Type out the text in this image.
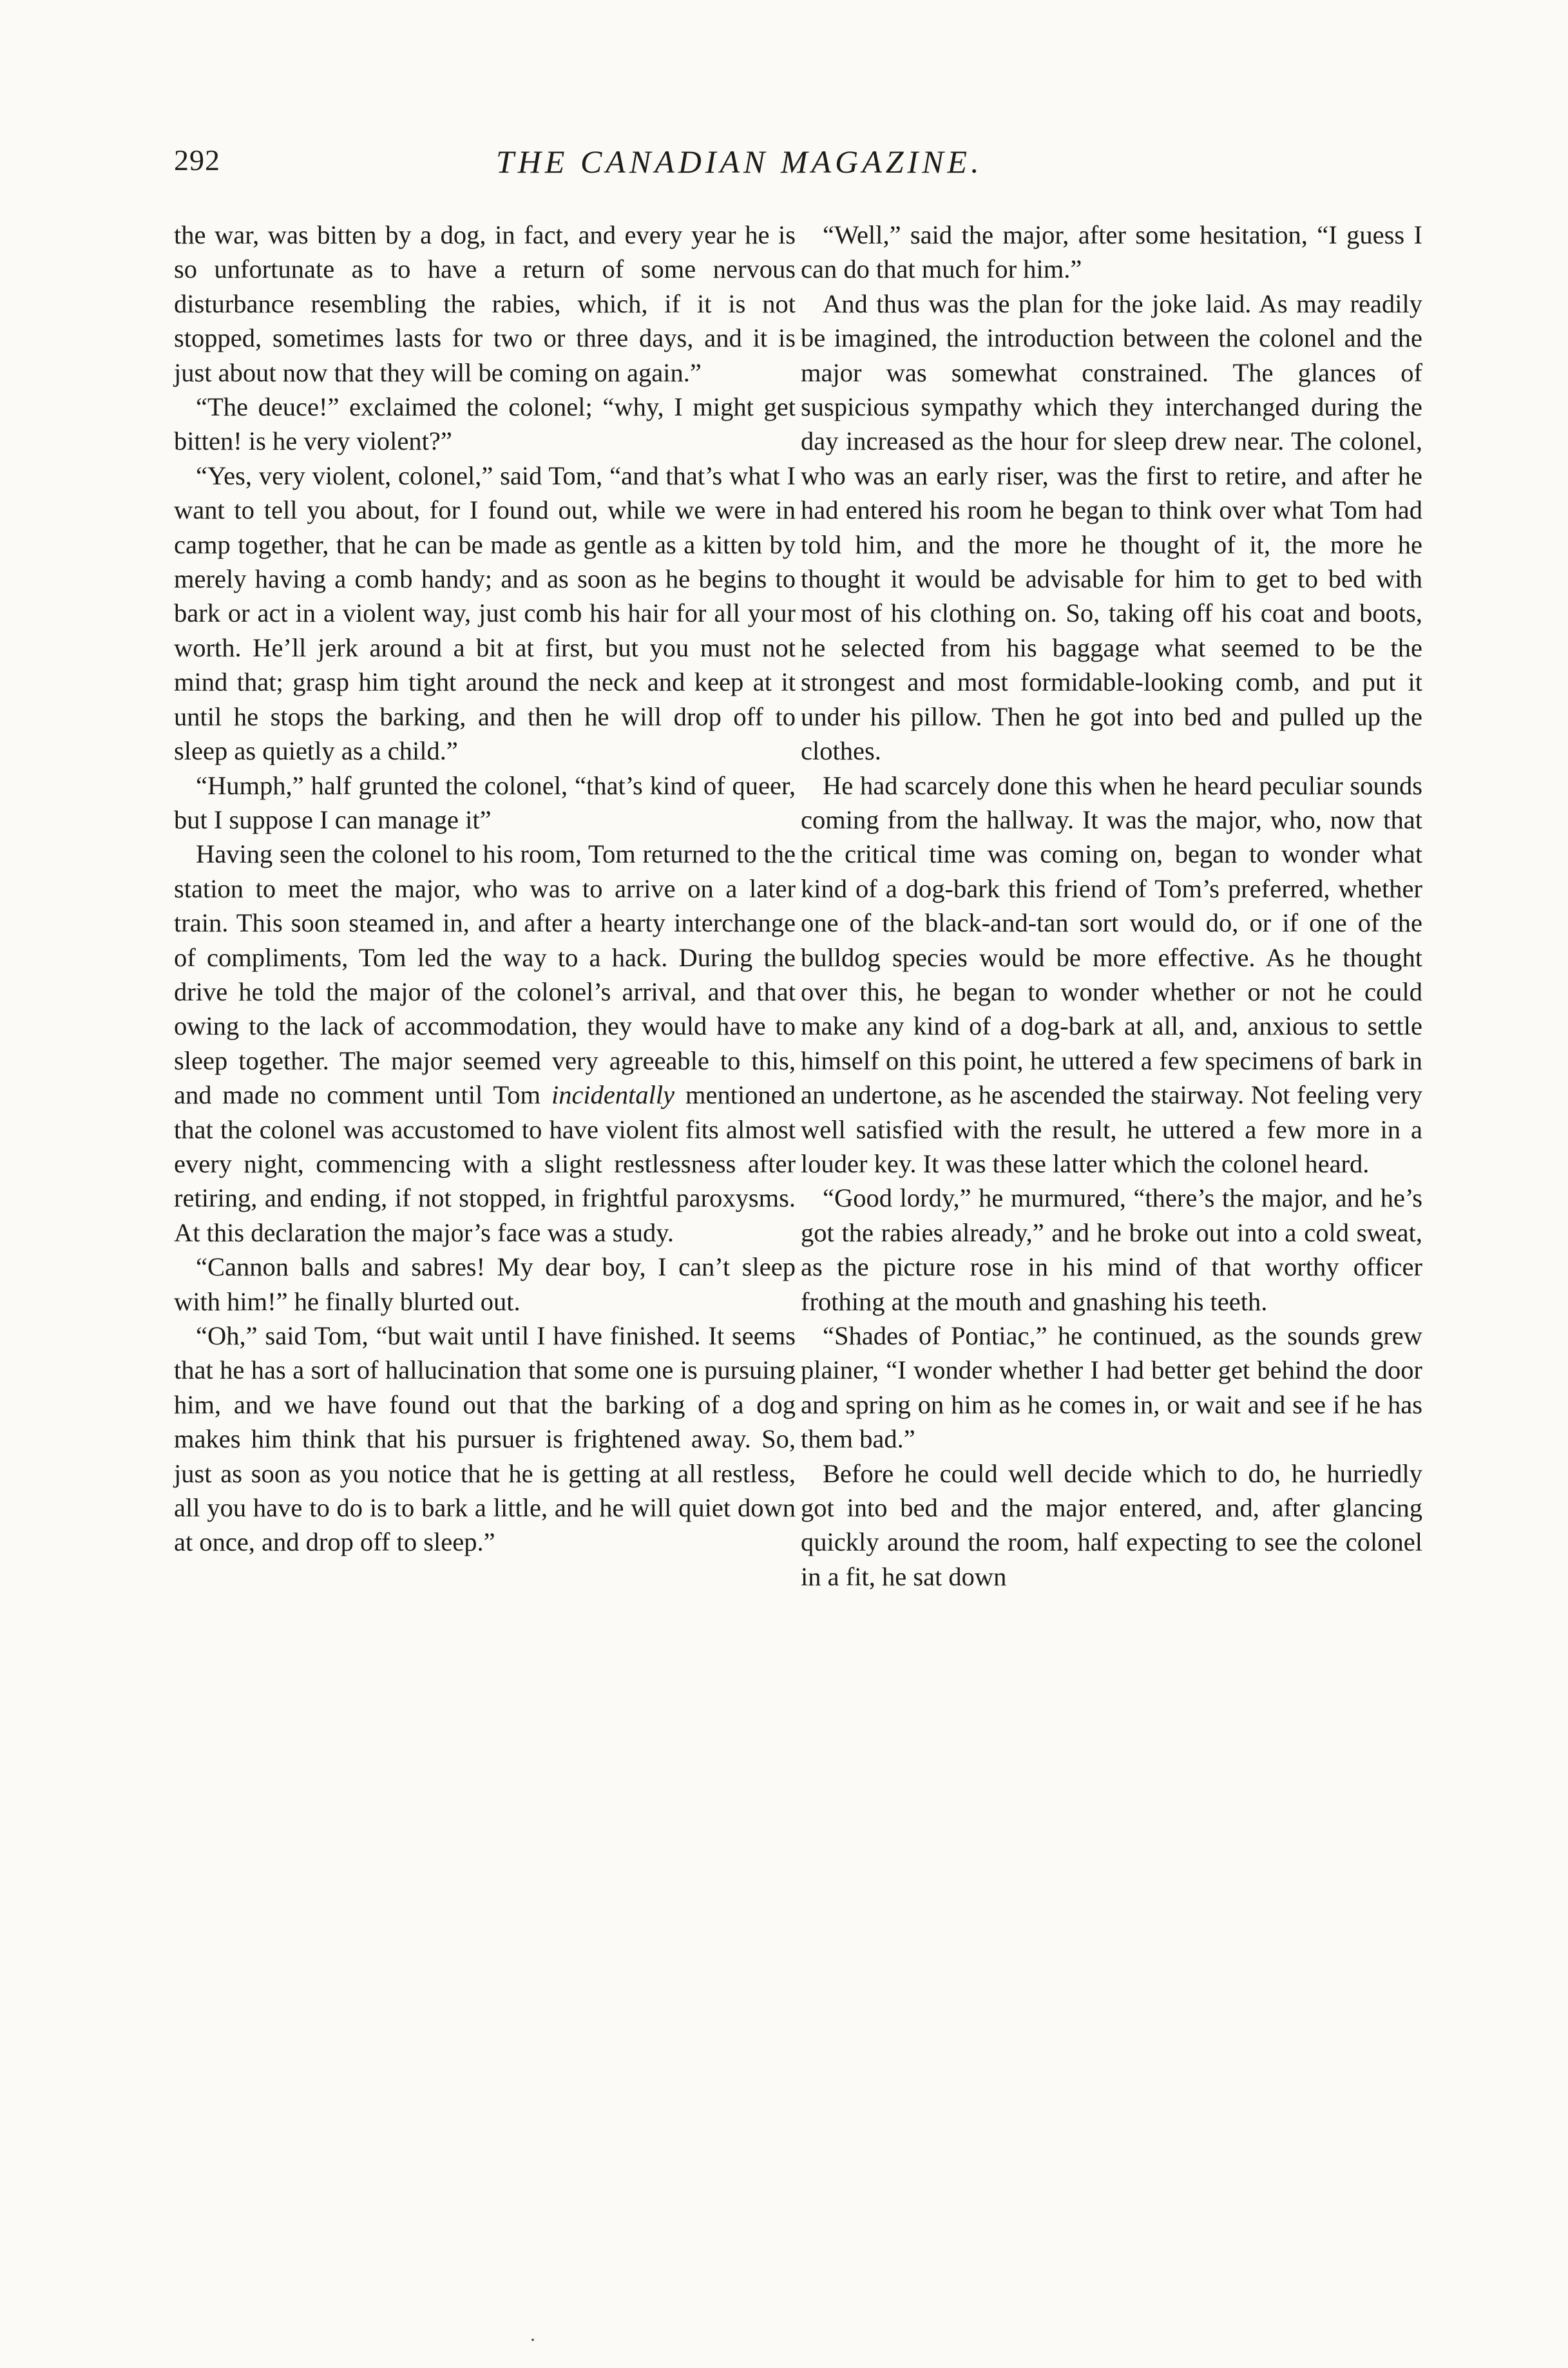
292	THE CANADIAN MAGAZINE.

the war, was bitten by a dog, in fact, and every year he is so unfortunate as to have a return of some nervous disturbance resembling the rabies, which, if it is not stopped, sometimes lasts for two or three days, and it is just about now that they will be coming on again.”

“The deuce!” exclaimed the colonel; “why, I might get bitten! is he very violent?”

“Yes, very violent, colonel,” said Tom, “and that’s what I want to tell you about, for I found out, while we were in camp together, that he can be made as gentle as a kitten by merely having a comb handy; and as soon as he begins to bark or act in a violent way, just comb his hair for all your worth. He’ll jerk around a bit at first, but you must not mind that; grasp him tight around the neck and keep at it until he stops the barking, and then he will drop off to sleep as quietly as a child.”

“Humph,” half grunted the colonel, “that’s kind of queer, but I suppose I can manage it”

Having seen the colonel to his room, Tom returned to the station to meet the major, who was to arrive on a later train. This soon steamed in, and after a hearty interchange of compliments, Tom led the way to a hack. During the drive he told the major of the colonel’s arrival, and that owing to the lack of accommodation, they would have to sleep together. The major seemed very agreeable to this, and made no comment until Tom incidentally mentioned that the colonel was accustomed to have violent fits almost every night, commencing with a slight restlessness after retiring, and ending, if not stopped, in frightful paroxysms. At this declaration the major’s face was a study.

“Cannon balls and sabres! My dear boy, I can’t sleep with him!” he finally blurted out.

“Oh,” said Tom, “but wait until I have finished. It seems that he has a sort of hallucination that some one is pursuing him, and we have found out that the barking of a dog makes him think that his pursuer is frightened away. So, just as soon as you notice that he is getting at all restless, all you have to do is to bark a little, and he will quiet down at once, and drop off to sleep.”

“Well,” said the major, after some hesitation, “I guess I can do that much for him.”

And thus was the plan for the joke laid. As may readily be imagined, the introduction between the colonel and the major was somewhat constrained. The glances of suspicious sympathy which they interchanged during the day increased as the hour for sleep drew near. The colonel, who was an early riser, was the first to retire, and after he had entered his room he began to think over what Tom had told him, and the more he thought of it, the more he thought it would be advisable for him to get to bed with most of his clothing on. So, taking off his coat and boots, he selected from his baggage what seemed to be the strongest and most formidable-looking comb, and put it under his pillow. Then he got into bed and pulled up the clothes.

He had scarcely done this when he heard peculiar sounds coming from the hallway. It was the major, who, now that the critical time was coming on, began to wonder what kind of a dog-bark this friend of Tom’s preferred, whether one of the black-and-tan sort would do, or if one of the bulldog species would be more effective. As he thought over this, he began to wonder whether or not he could make any kind of a dog-bark at all, and, anxious to settle himself on this point, he uttered a few specimens of bark in an undertone, as he ascended the stairway. Not feeling very well satisfied with the result, he uttered a few more in a louder key. It was these latter which the colonel heard.

“Good lordy,” he murmured, “there’s the major, and he’s got the rabies already,” and he broke out into a cold sweat, as the picture rose in his mind of that worthy officer frothing at the mouth and gnashing his teeth.

“Shades of Pontiac,” he continued, as the sounds grew plainer, “I wonder whether I had better get behind the door and spring on him as he comes in, or wait and see if he has them bad.”

Before he could well decide which to do, he hurriedly got into bed and the major entered, and, after glancing quickly around the room, half expecting to see the colonel in a fit, he sat down

·
